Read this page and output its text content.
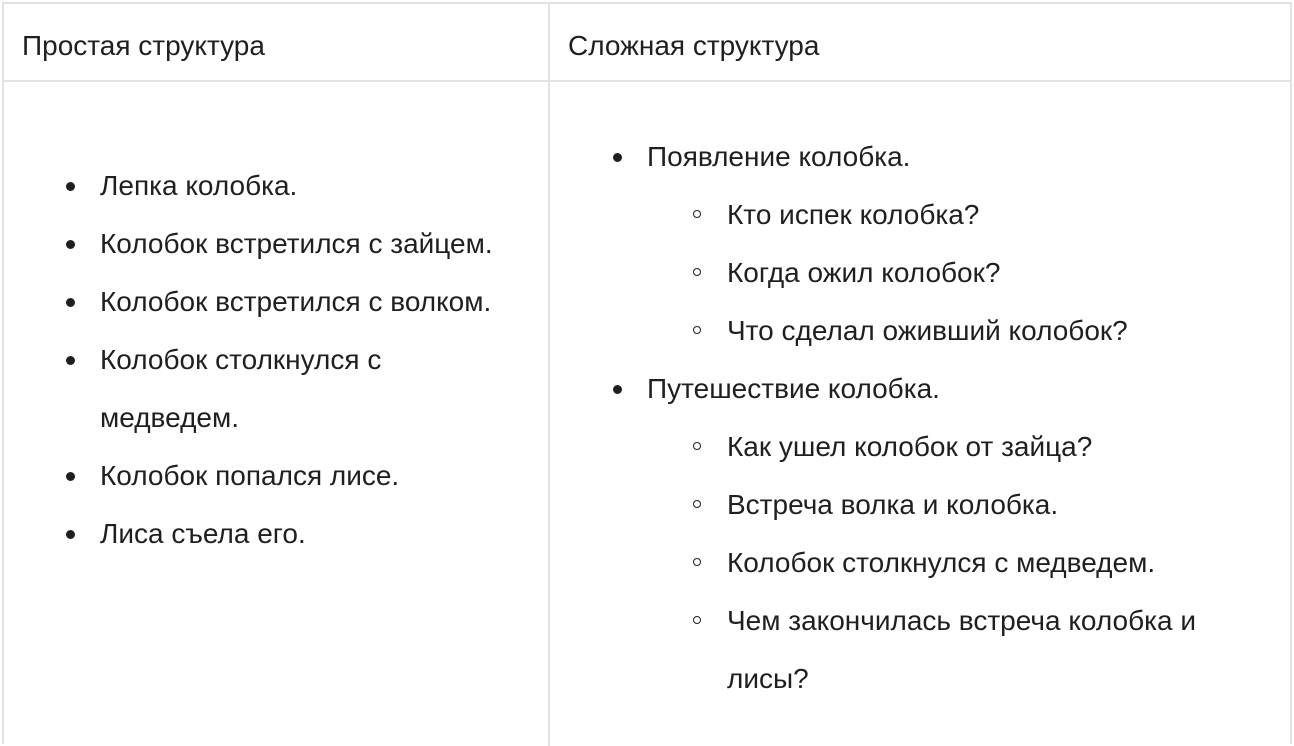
Простая структура	Сложная структура
Лепка колобка.
Колобок встретился с зайцем.
Колобок встретился с волком.
Колобок столкнулся с медведем.
Колобок попался лисе.
Лиса съела его.
Появление колобка.
Кто испек колобка?
Когда ожил колобок?
Что сделал оживший колобок?
Путешествие колобка.
Как ушел колобок от зайца?
Встреча волка и колобка.
Колобок столкнулся с медведем.
Чем закончилась встреча колобка и лисы?
